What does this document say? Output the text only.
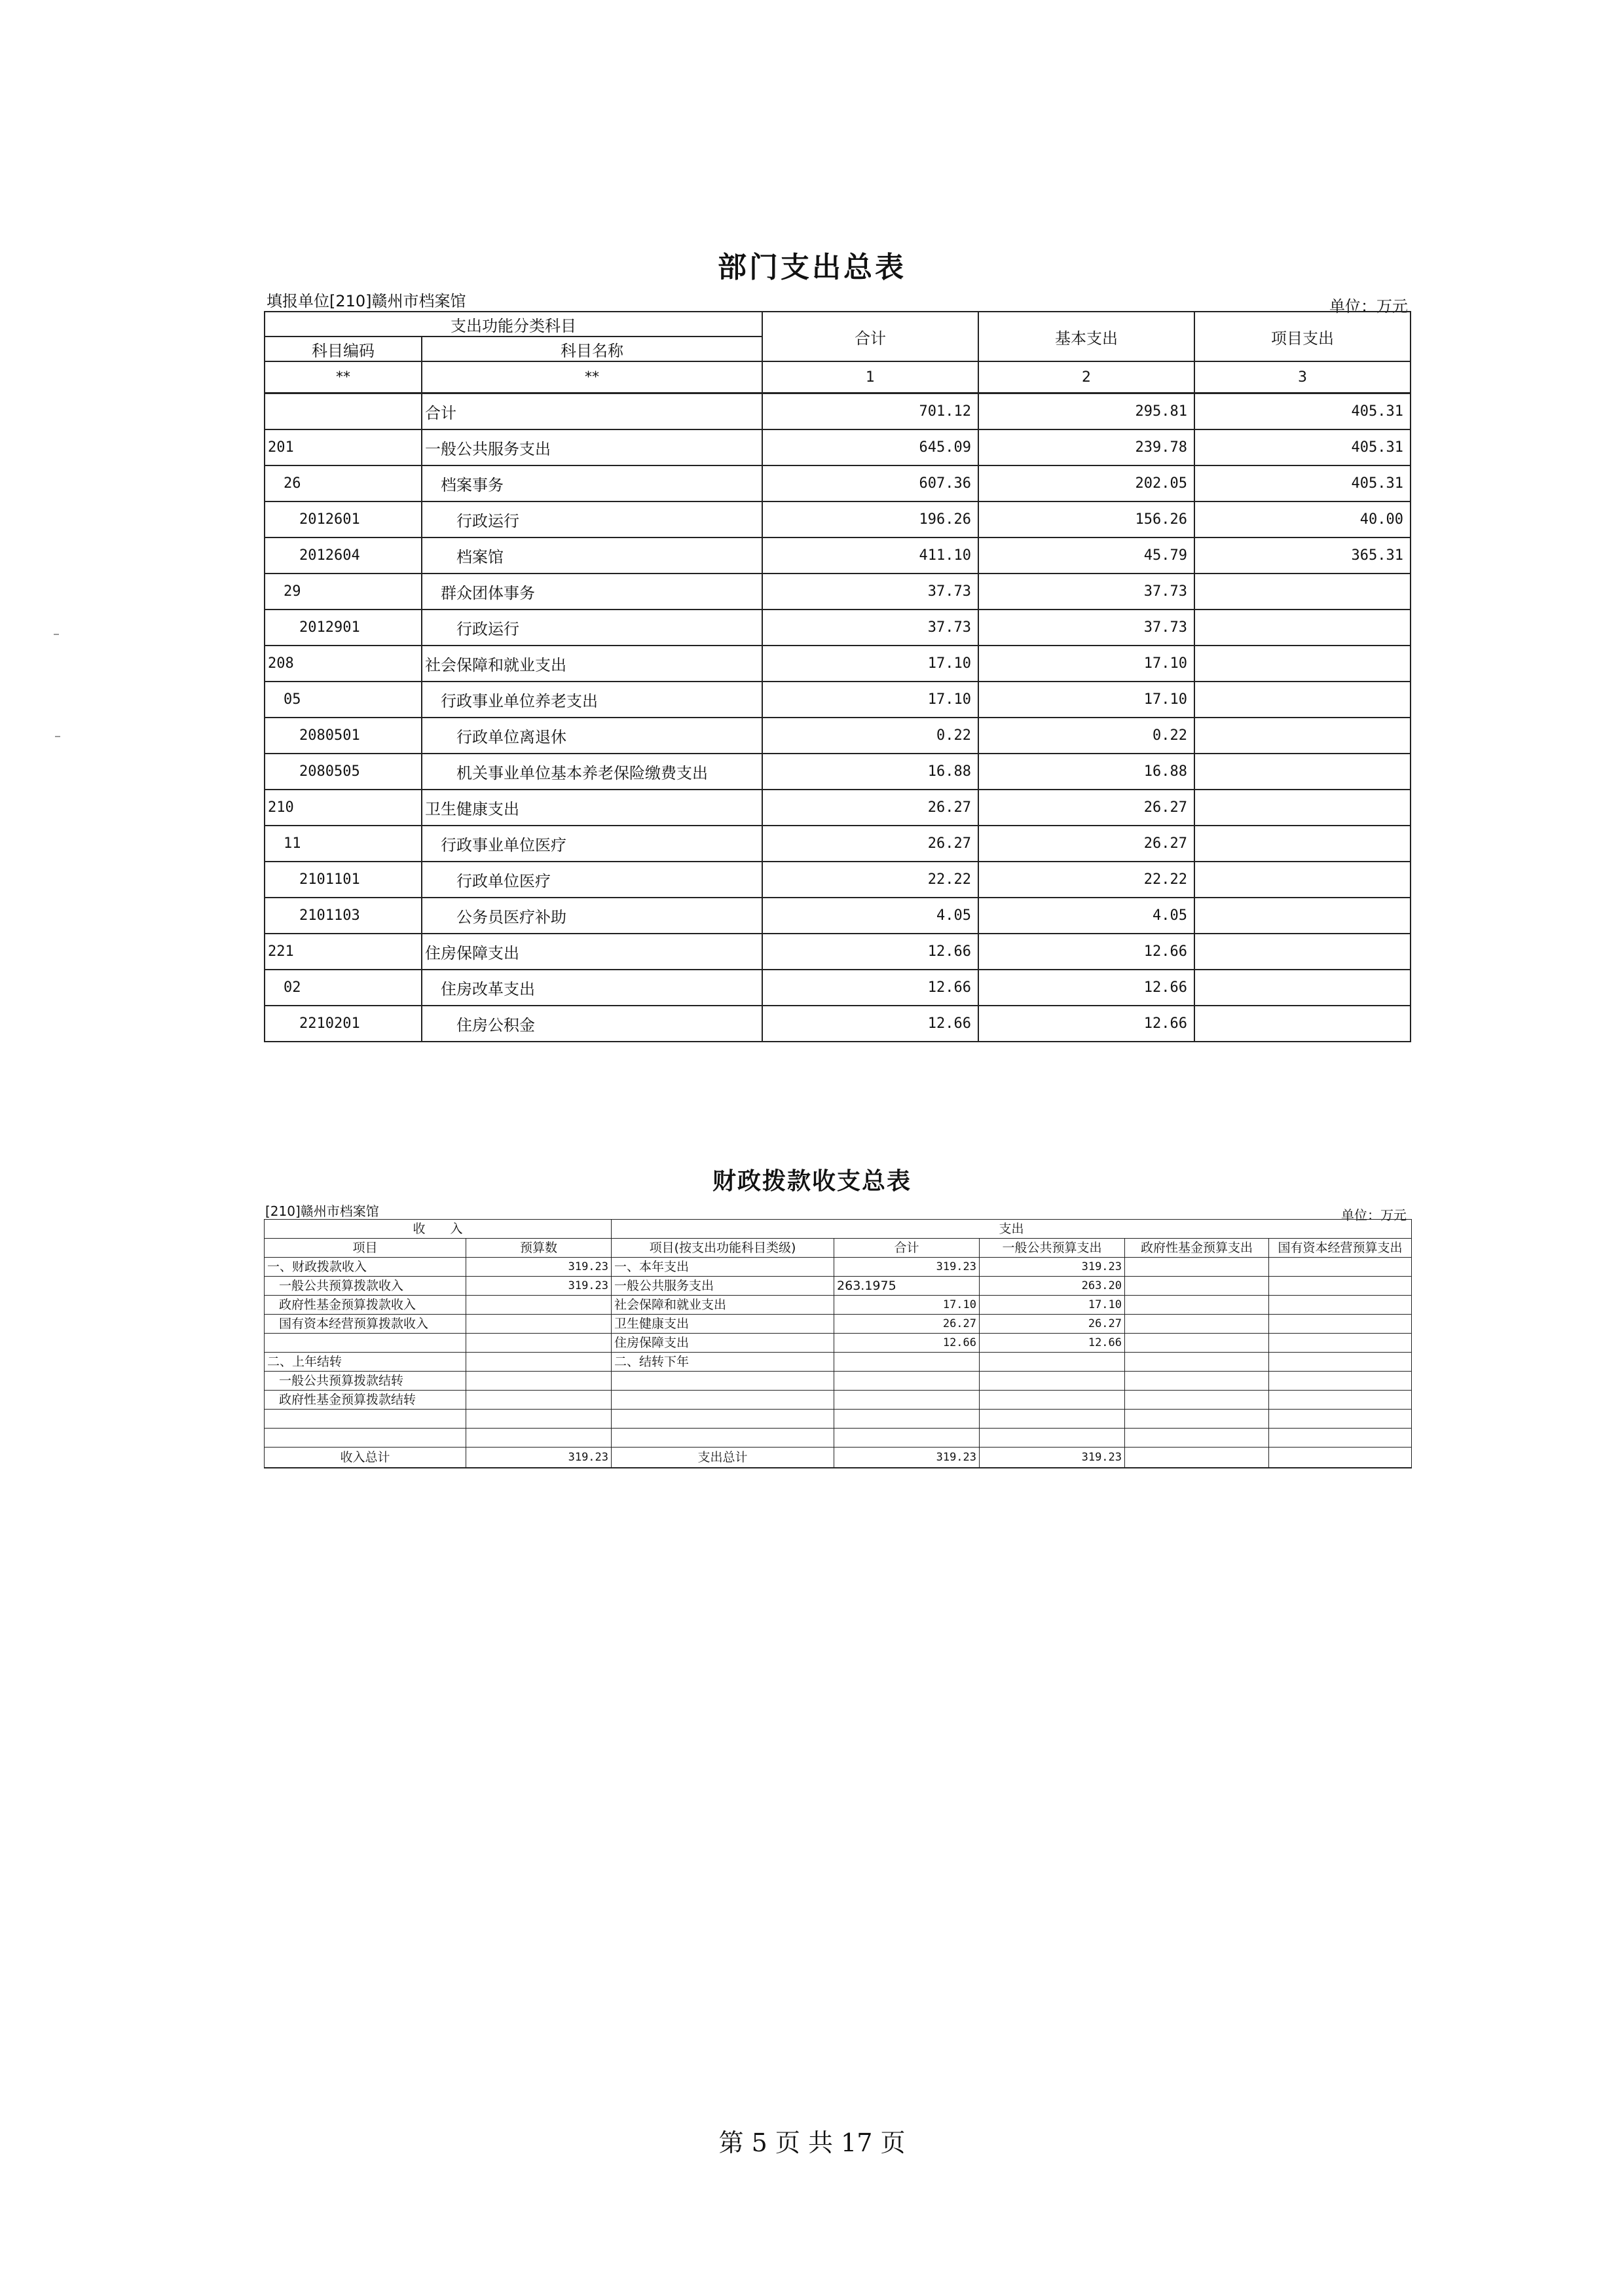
部门支出总表
填报单位[210]赣州市档案馆	单位：万元
支出功能分类科目		合计	基本支出	项目支出
科目编码	科目名称			
**	**	1	2	3
	合计	701.12	295.81	405.31
201	一般公共服务支出	645.09	239.78	405.31
26	档案事务	607.36	202.05	405.31
2012601	行政运行	196.26	156.26	40.00
2012604	档案馆	411.10	45.79	365.31
29	群众团体事务	37.73	37.73	
2012901	行政运行	37.73	37.73	
208	社会保障和就业支出	17.10	17.10	
05	行政事业单位养老支出	17.10	17.10	
2080501	行政单位离退休	0.22	0.22	
2080505	机关事业单位基本养老保险缴费支出	16.88	16.88	
210	卫生健康支出	26.27	26.27	
11	行政事业单位医疗	26.27	26.27	
2101101	行政单位医疗	22.22	22.22	
2101103	公务员医疗补助	4.05	4.05	
221	住房保障支出	12.66	12.66	
02	住房改革支出	12.66	12.66	
2210201	住房公积金	12.66	12.66	
财政拨款收支总表
[210]赣州市档案馆	单位：万元
收　　入		支出				
项目	预算数	项目(按支出功能科目类级)	合计	一般公共预算支出	政府性基金预算支出	国有资本经营预算支出
一、财政拨款收入	319.23	一、本年支出	319.23	319.23		
一般公共预算拨款收入	319.23	一般公共服务支出	263.1975	263.20		
政府性基金预算拨款收入		社会保障和就业支出	17.10	17.10		
国有资本经营预算拨款收入		卫生健康支出	26.27	26.27		
		住房保障支出	12.66	12.66		
二、上年结转		二、结转下年				
一般公共预算拨款结转						
政府性基金预算拨款结转						

收入总计	319.23	支出总计	319.23	319.23		
第 5 页 共 17 页
